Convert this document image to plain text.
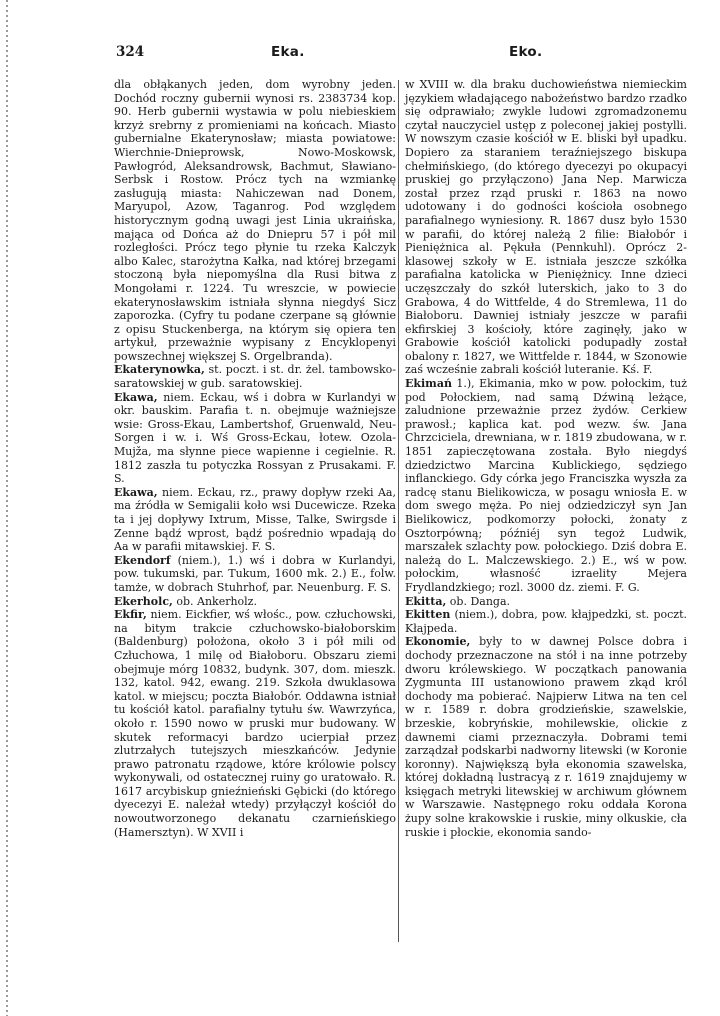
324	Eka.	Eko.

dla obłąkanych jeden, dom wyrobny jeden. Dochód roczny gubernii wynosi rs. 2383734 kop. 90. Herb gubernii wystawia w polu niebieskiem krzyż srebrny z promieniami na końcach. Miasto gubernialne Ekaterynosław; miasta powiatowe: Wierchnie-Dnieprowsk, Nowo-Moskowsk, Pawłogród, Aleksandrowsk, Bachmut, Sławiano-Serbsk i Rostow. Prócz tych na wzmiankę zasługują miasta: Nahiczewan nad Donem, Maryupol, Azow, Taganrog. Pod względem historycznym godną uwagi jest Linia ukraińska, mająca od Dońca aż do Dniepru 57 i pół mil rozległości. Prócz tego płynie tu rzeka Kalczyk albo Kalec, starożytna Kałka, nad której brzegami stoczoną była niepomyślna dla Rusi bitwa z Mongołami r. 1224. Tu wreszcie, w powiecie ekaterynosławskim istniała słynna niegdyś Sicz zaporozka. (Cyfry tu podane czerpane są głównie z opisu Stuckenberga, na którym się opiera ten artykuł, przeważnie wypisany z Encyklopenyi powszechnej większej S. Orgelbranda).

Ekaterynowka, st. poczt. i st. dr. żel. tambowsko-saratowskiej w gub. saratowskiej.

Ekawa, niem. Eckau, wś i dobra w Kurlandyi w okr. bauskim. Parafia t. n. obejmuje ważniejsze wsie: Gross-Ekau, Lambertshof, Gruenwald, Neu-Sorgen i w. i. Wś Gross-Eckau, łotew. Ozola-Mujža, ma słynne piece wapienne i cegielnie. R. 1812 zaszła tu potyczka Rossyan z Prusakami. F. S.

Ekawa, niem. Eckau, rz., prawy dopływ rzeki Aa, ma źródła w Semigalii koło wsi Ducewicze. Rzeka ta i jej dopływy Ixtrum, Misse, Talke, Swirgsde i Zenne bądź wprost, bądź pośrednio wpadają do Aa w parafii mitawskiej. F. S.

Ekendorf (niem.), 1.) wś i dobra w Kurlandyi, pow. tukumski, par. Tukum, 1600 mk. 2.) E., folw. tamże, w dobrach Stuhrhof, par. Neuenburg. F. S.

Ekerholc, ob. Ankerholz.

Ekfir, niem. Eickfier, wś włośc., pow. człuchowski, na bitym trakcie człuchowsko-białoborskim (Baldenburg) położona, około 3 i pół mili od Człuchowa, 1 milę od Białoboru. Obszaru ziemi obejmuje mórg 10832, budynk. 307, dom. mieszk. 132, katol. 942, ewang. 219. Szkoła dwuklasowa katol. w miejscu; poczta Białobór. Oddawna istniał tu kościół katol. parafialny tytułu św. Wawrzyńca, około r. 1590 nowo w pruski mur budowany. W skutek reformacyi bardzo ucierpiał przez zlutrzałych tutejszych mieszkańców. Jedynie prawo patronatu rządowe, które królowie polscy wykonywali, od ostatecznej ruiny go uratowało. R. 1617 arcybiskup gnieźnieński Gębicki (do którego dyecezyi E. należał wtedy) przyłączył kościół do nowoutworzonego dekanatu czarnieńskiego (Hamersztyn). W XVII i

w XVIII w. dla braku duchowieństwa niemieckim językiem władającego nabożeństwo bardzo rzadko się odprawiało; zwykle ludowi zgromadzonemu czytał nauczyciel ustęp z poleconej jakiej postylli. W nowszym czasie kościół w E. bliski był upadku. Dopiero za staraniem teraźniejszego biskupa chełmińskiego, (do którego dyecezyi po okupacyi pruskiej go przyłączono) Jana Nep. Marwicza został przez rząd pruski r. 1863 na nowo udotowany i do godności kościoła osobnego parafialnego wyniesiony. R. 1867 dusz było 1530 w parafii, do której należą 2 filie: Białobór i Pieniężnica al. Pękuła (Pennkuhl). Oprócz 2-klasowej szkoły w E. istniała jeszcze szkółka parafialna katolicka w Pieniężnicy. Inne dzieci uczęszczały do szkół luterskich, jako to 3 do Grabowa, 4 do Wittfelde, 4 do Stremlewa, 11 do Białoboru. Dawniej istniały jeszcze w parafii ekfirskiej 3 kościoły, które zaginęły, jako w Grabowie kościół katolicki podupadły został obalony r. 1827, we Wittfelde r. 1844, w Szonowie zaś wcześnie zabrali kościół luteranie. Kś. F.

Ekimań 1.), Ekimania, mko w pow. połockim, tuż pod Połockiem, nad samą Dźwiną leżące, zaludnione przeważnie przez żydów. Cerkiew prawosł.; kaplica kat. pod wezw. św. Jana Chrzciciela, drewniana, w r. 1819 zbudowana, w r. 1851 zapieczętowana została. Było niegdyś dziedzictwo Marcina Kublickiego, sędziego inflanckiego. Gdy córka jego Franciszka wyszła za radcę stanu Bielikowicza, w posagu wniosła E. w dom swego męża. Po niej odziedziczył syn Jan Bielikowicz, podkomorzy połocki, żonaty z Osztorpówną; późniéj syn tegoż Ludwik, marszałek szlachty pow. połockiego. Dziś dobra E. należą do L. Malczewskiego. 2.) E., wś w pow. połockim, własność izraelity Mejera Frydlandzkiego; rozl. 3000 dz. ziemi. F. G.

Ekitta, ob. Danga.

Ekitten (niem.), dobra, pow. kłajpedzki, st. poczt. Kłajpeda.

Ekonomie, były to w dawnej Polsce dobra i dochody przeznaczone na stół i na inne potrzeby dworu królewskiego. W początkach panowania Zygmunta III ustanowiono prawem zkąd król dochody ma pobierać. Najpierw Litwa na ten cel w r. 1589 r. dobra grodzieńskie, szawelskie, brzeskie, kobryńskie, mohilewskie, olickie z dawnemi ciami przeznaczyła. Dobrami temi zarządzał podskarbi nadworny litewski (w Koronie koronny). Największą była ekonomia szawelska, której dokładną lustracyą z r. 1619 znajdujemy w księgach metryki litewskiej w archiwum głównem w Warszawie. Następnego roku oddała Korona żupy solne krakowskie i ruskie, miny olkuskie, cła ruskie i płockie, ekonomia sando-
